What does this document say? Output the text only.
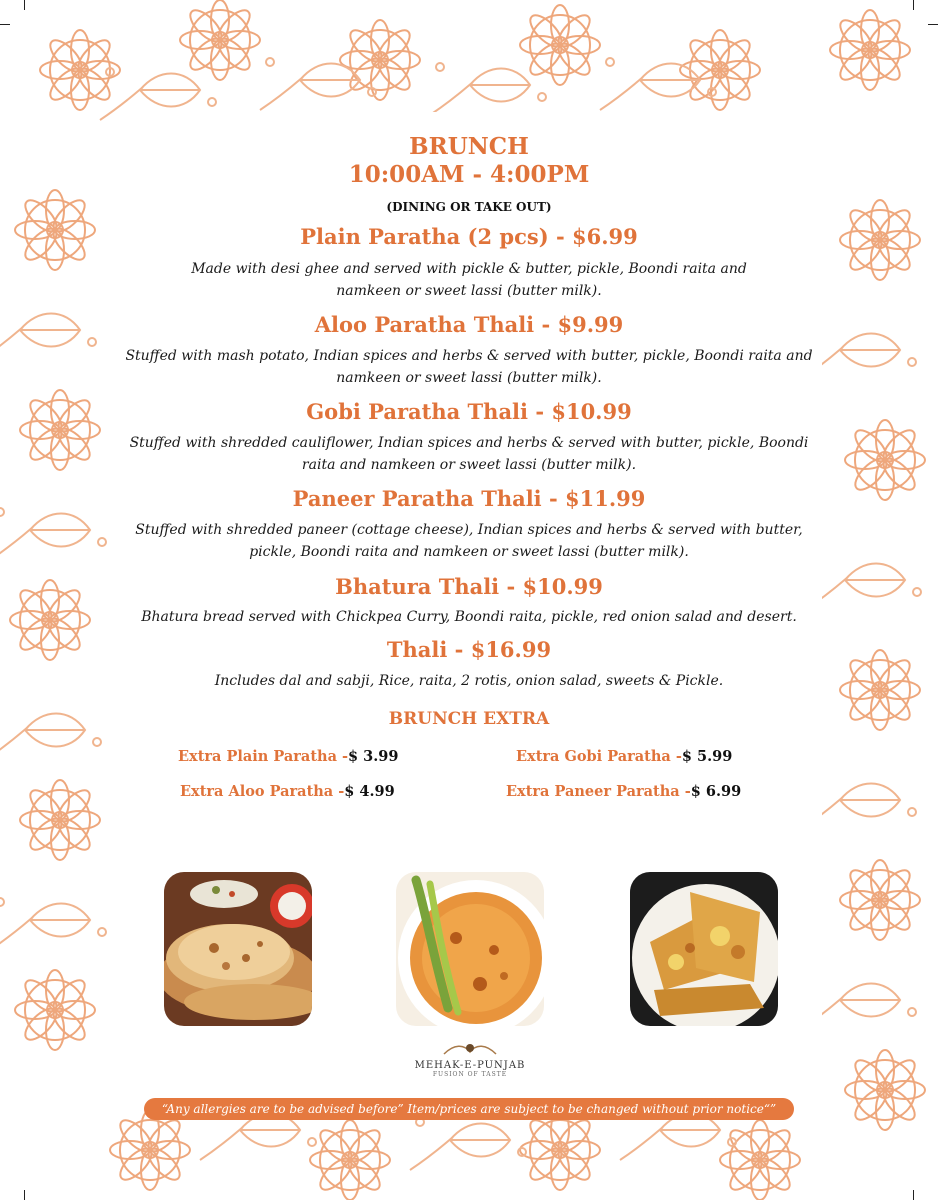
BRUNCH
10:00AM - 4:00PM
(DINING OR TAKE OUT)
Plain Paratha (2 pcs) - $6.99
Made with desi ghee and served with pickle & butter, pickle, Boondi raita and
namkeen or sweet lassi (butter milk).
Aloo Paratha Thali - $9.99
Stuffed with mash potato, Indian spices and herbs & served with butter, pickle, Boondi raita and
namkeen or sweet lassi (butter milk).
Gobi Paratha Thali - $10.99
Stuffed with shredded cauliflower, Indian spices and herbs & served with butter, pickle, Boondi
raita and namkeen or sweet lassi (butter milk).
Paneer Paratha Thali - $11.99
Stuffed with shredded paneer (cottage cheese), Indian spices and herbs & served with butter,
pickle, Boondi raita and namkeen or sweet lassi (butter milk).
Bhatura Thali - $10.99
Bhatura bread served with Chickpea Curry, Boondi raita, pickle, red onion salad and desert.
Thali - $16.99
Includes dal and sabji, Rice, raita, 2 rotis, onion salad, sweets & Pickle.
BRUNCH EXTRA
Extra Plain Paratha -$ 3.99	Extra Gobi Paratha -$ 5.99
Extra Aloo Paratha -$ 4.99	Extra Paneer Paratha -$ 6.99
MEHAK-E-PUNJAB
FUSION OF TASTE
“Any allergies are to be advised before” Item/prices are subject to be changed without prior notice“”
